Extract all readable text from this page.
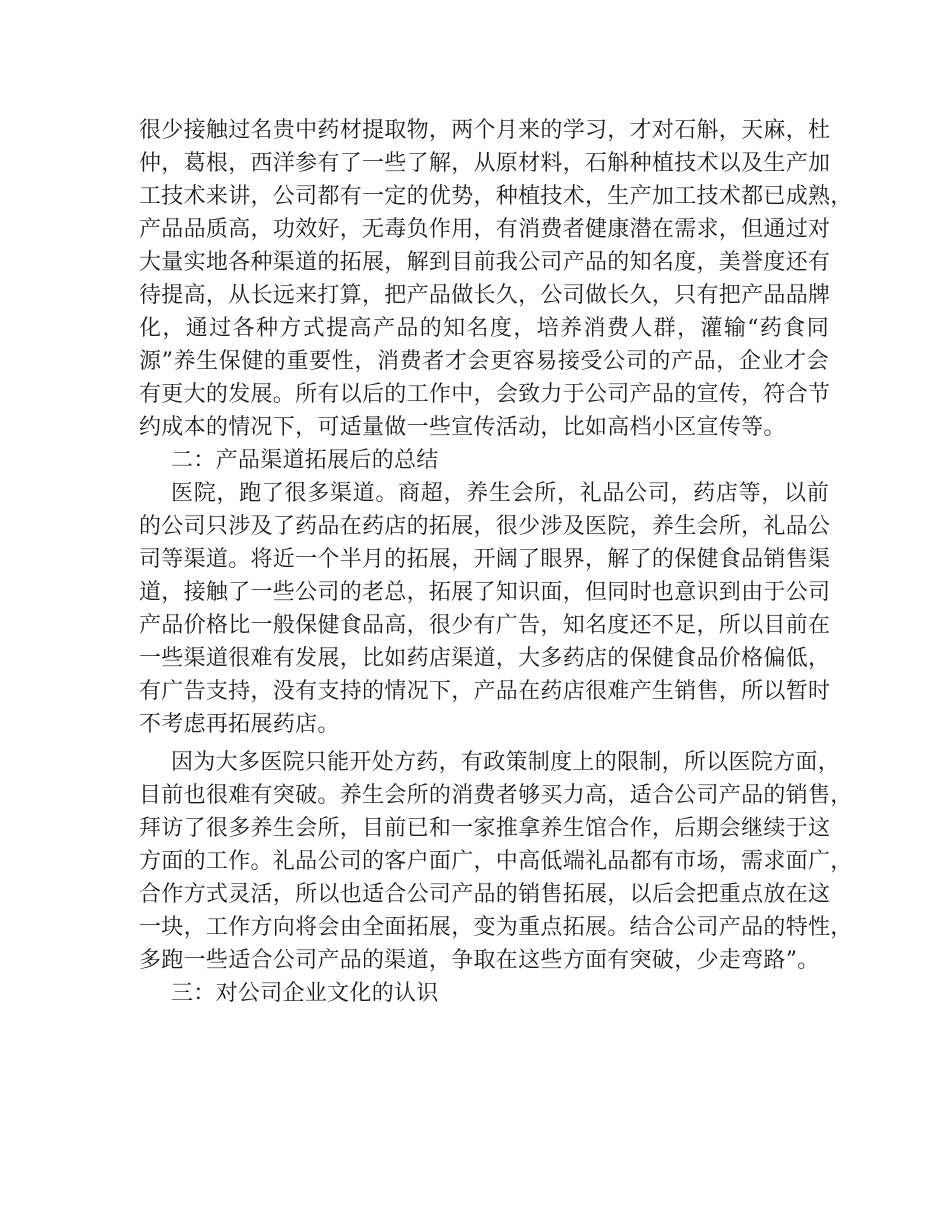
很少接触过名贵中药材提取物，两个月来的学习，才对石斛，天麻，杜
仲，葛根，西洋参有了一些了解，从原材料，石斛种植技术以及生产加
工技术来讲，公司都有一定的优势，种植技术，生产加工技术都已成熟，
产品品质高，功效好，无毒负作用，有消费者健康潜在需求，但通过对
大量实地各种渠道的拓展，解到目前我公司产品的知名度，美誉度还有
待提高，从长远来打算，把产品做长久，公司做长久，只有把产品品牌
化，通过各种方式提高产品的知名度，培养消费人群，灌输“药食同
源”养生保健的重要性，消费者才会更容易接受公司的产品，企业才会
有更大的发展。所有以后的工作中，会致力于公司产品的宣传，符合节
约成本的情况下，可适量做一些宣传活动，比如高档小区宣传等。
二：产品渠道拓展后的总结
医院，跑了很多渠道。商超，养生会所，礼品公司，药店等，以前
的公司只涉及了药品在药店的拓展，很少涉及医院，养生会所，礼品公
司等渠道。将近一个半月的拓展，开阔了眼界，解了的保健食品销售渠
道，接触了一些公司的老总，拓展了知识面，但同时也意识到由于公司
产品价格比一般保健食品高，很少有广告，知名度还不足，所以目前在
一些渠道很难有发展，比如药店渠道，大多药店的保健食品价格偏低，
有广告支持，没有支持的情况下，产品在药店很难产生销售，所以暂时
不考虑再拓展药店。
因为大多医院只能开处方药，有政策制度上的限制，所以医院方面，
目前也很难有突破。养生会所的消费者够买力高，适合公司产品的销售，
拜访了很多养生会所，目前已和一家推拿养生馆合作，后期会继续于这
方面的工作。礼品公司的客户面广，中高低端礼品都有市场，需求面广，
合作方式灵活，所以也适合公司产品的销售拓展，以后会把重点放在这
一块，工作方向将会由全面拓展，变为重点拓展。结合公司产品的特性，
多跑一些适合公司产品的渠道，争取在这些方面有突破，少走弯路”。
三：对公司企业文化的认识
